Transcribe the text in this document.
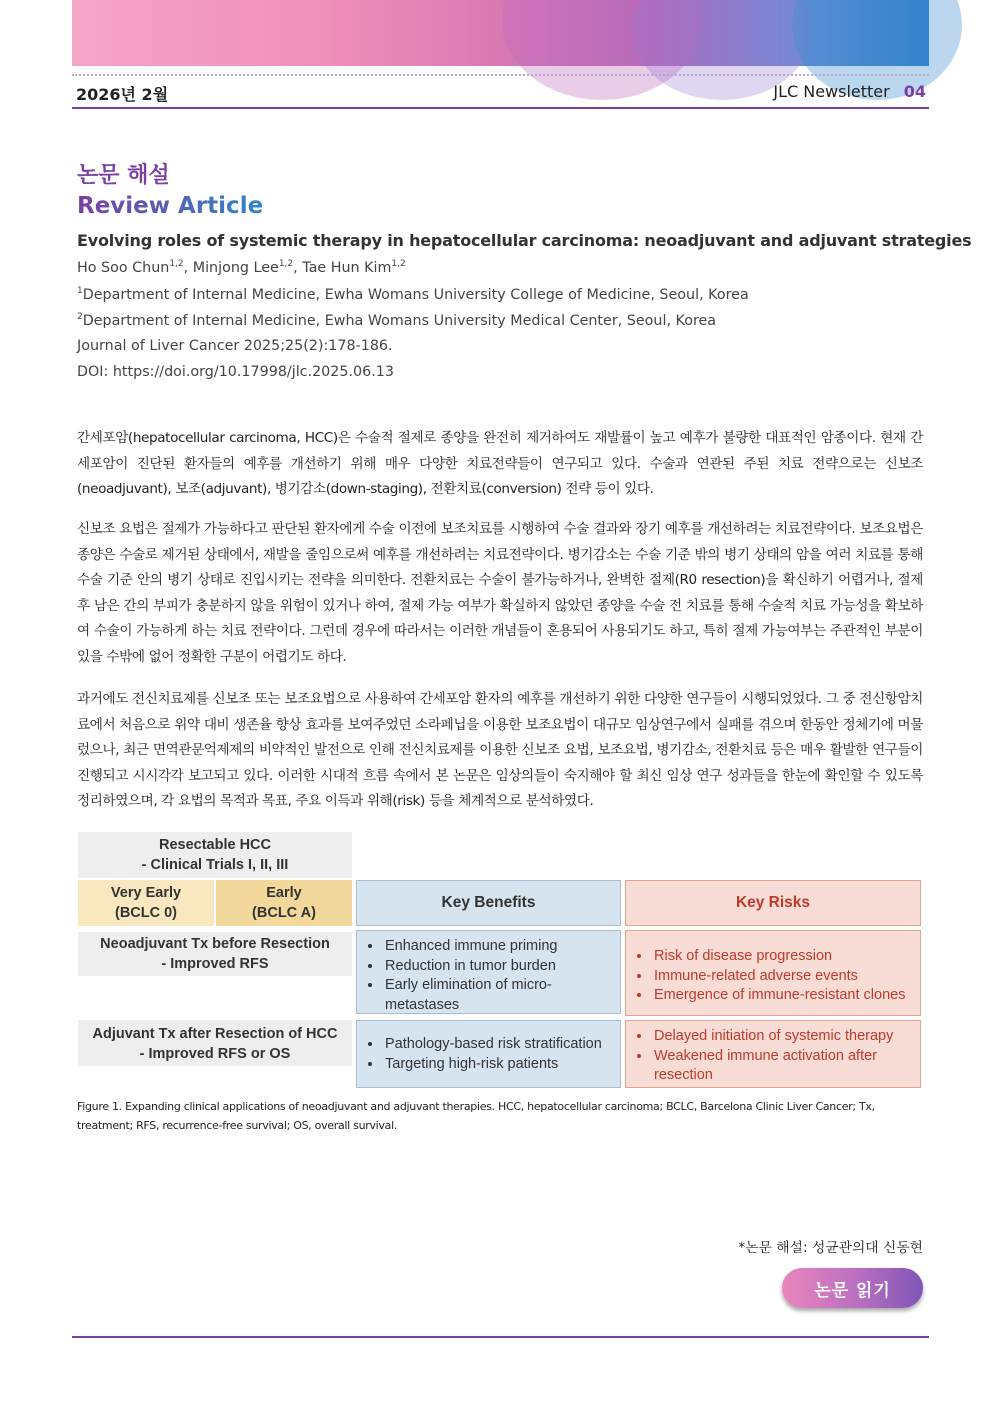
2026년 2월	JLC Newsletter 04
논문 해설
Review Article
Evolving roles of systemic therapy in hepatocellular carcinoma: neoadjuvant and adjuvant strategies
Ho Soo Chun$^{1,2}$, Minjong Lee$^{1,2}$, Tae Hun Kim$^{1,2}$
$^1$Department of Internal Medicine, Ewha Womans University College of Medicine, Seoul, Korea
$^2$Department of Internal Medicine, Ewha Womans University Medical Center, Seoul, Korea
Journal of Liver Cancer 2025;25(2):178-186.
DOI: https://doi.org/10.17998/jlc.2025.06.13

간세포암(hepatocellular carcinoma, HCC)은 수술적 절제로 종양을 완전히 제거하여도 재발률이 높고 예후가 불량한 대표적인 암종이다. 현재 간세포암이 진단된 환자들의 예후를 개선하기 위해 매우 다양한 치료전략들이 연구되고 있다. 수술과 연관된 주된 치료 전략으로는 신보조(neoadjuvant), 보조(adjuvant), 병기감소(down-staging), 전환치료(conversion) 전략 등이 있다.

신보조 요법은 절제가 가능하다고 판단된 환자에게 수술 이전에 보조치료를 시행하여 수술 결과와 장기 예후를 개선하려는 치료전략이다. 보조요법은 종양은 수술로 제거된 상태에서, 재발을 줄임으로써 예후를 개선하려는 치료전략이다. 병기감소는 수술 기준 밖의 병기 상태의 암을 여러 치료를 통해 수술 기준 안의 병기 상태로 진입시키는 전략을 의미한다. 전환치료는 수술이 불가능하거나, 완벽한 절제(R0 resection)을 확신하기 어렵거나, 절제 후 남은 간의 부피가 충분하지 않을 위험이 있거나 하여, 절제 가능 여부가 확실하지 않았던 종양을 수술 전 치료를 통해 수술적 치료 가능성을 확보하여 수술이 가능하게 하는 치료 전략이다. 그런데 경우에 따라서는 이러한 개념들이 혼용되어 사용되기도 하고, 특히 절제 가능여부는 주관적인 부분이 있을 수밖에 없어 정확한 구분이 어렵기도 하다.

과거에도 전신치료제를 신보조 또는 보조요법으로 사용하여 간세포암 환자의 예후를 개선하기 위한 다양한 연구들이 시행되었었다. 그 중 전신항암치료에서 처음으로 위약 대비 생존율 향상 효과를 보여주었던 소라페닙을 이용한 보조요법이 대규모 임상연구에서 실패를 겪으며 한동안 정체기에 머물렀으나, 최근 면역관문억제제의 비약적인 발전으로 인해 전신치료제를 이용한 신보조 요법, 보조요법, 병기감소, 전환치료 등은 매우 활발한 연구들이 진행되고 시시각각 보고되고 있다. 이러한 시대적 흐름 속에서 본 논문은 임상의들이 숙지해야 할 최신 임상 연구 성과들을 한눈에 확인할 수 있도록 정리하였으며, 각 요법의 목적과 목표, 주요 이득과 위해(risk) 등을 체계적으로 분석하였다.

Resectable HCC
- Clinical Trials I, II, III
Very Early
(BCLC 0)
Early
(BCLC A)
Key Benefits	Key Risks
Neoadjuvant Tx before Resection
- Improved RFS
• Enhanced immune priming
• Reduction in tumor burden
• Early elimination of micro-metastases
• Risk of disease progression
• Immune-related adverse events
• Emergence of immune-resistant clones
Adjuvant Tx after Resection of HCC
- Improved RFS or OS
• Pathology-based risk stratification
• Targeting high-risk patients
• Delayed initiation of systemic therapy
• Weakened immune activation after resection

Figure 1. Expanding clinical applications of neoadjuvant and adjuvant therapies. HCC, hepatocellular carcinoma; BCLC, Barcelona Clinic Liver Cancer; Tx, treatment; RFS, recurrence-free survival; OS, overall survival.

*논문 해설: 성균관의대 신동현
논문 읽기
